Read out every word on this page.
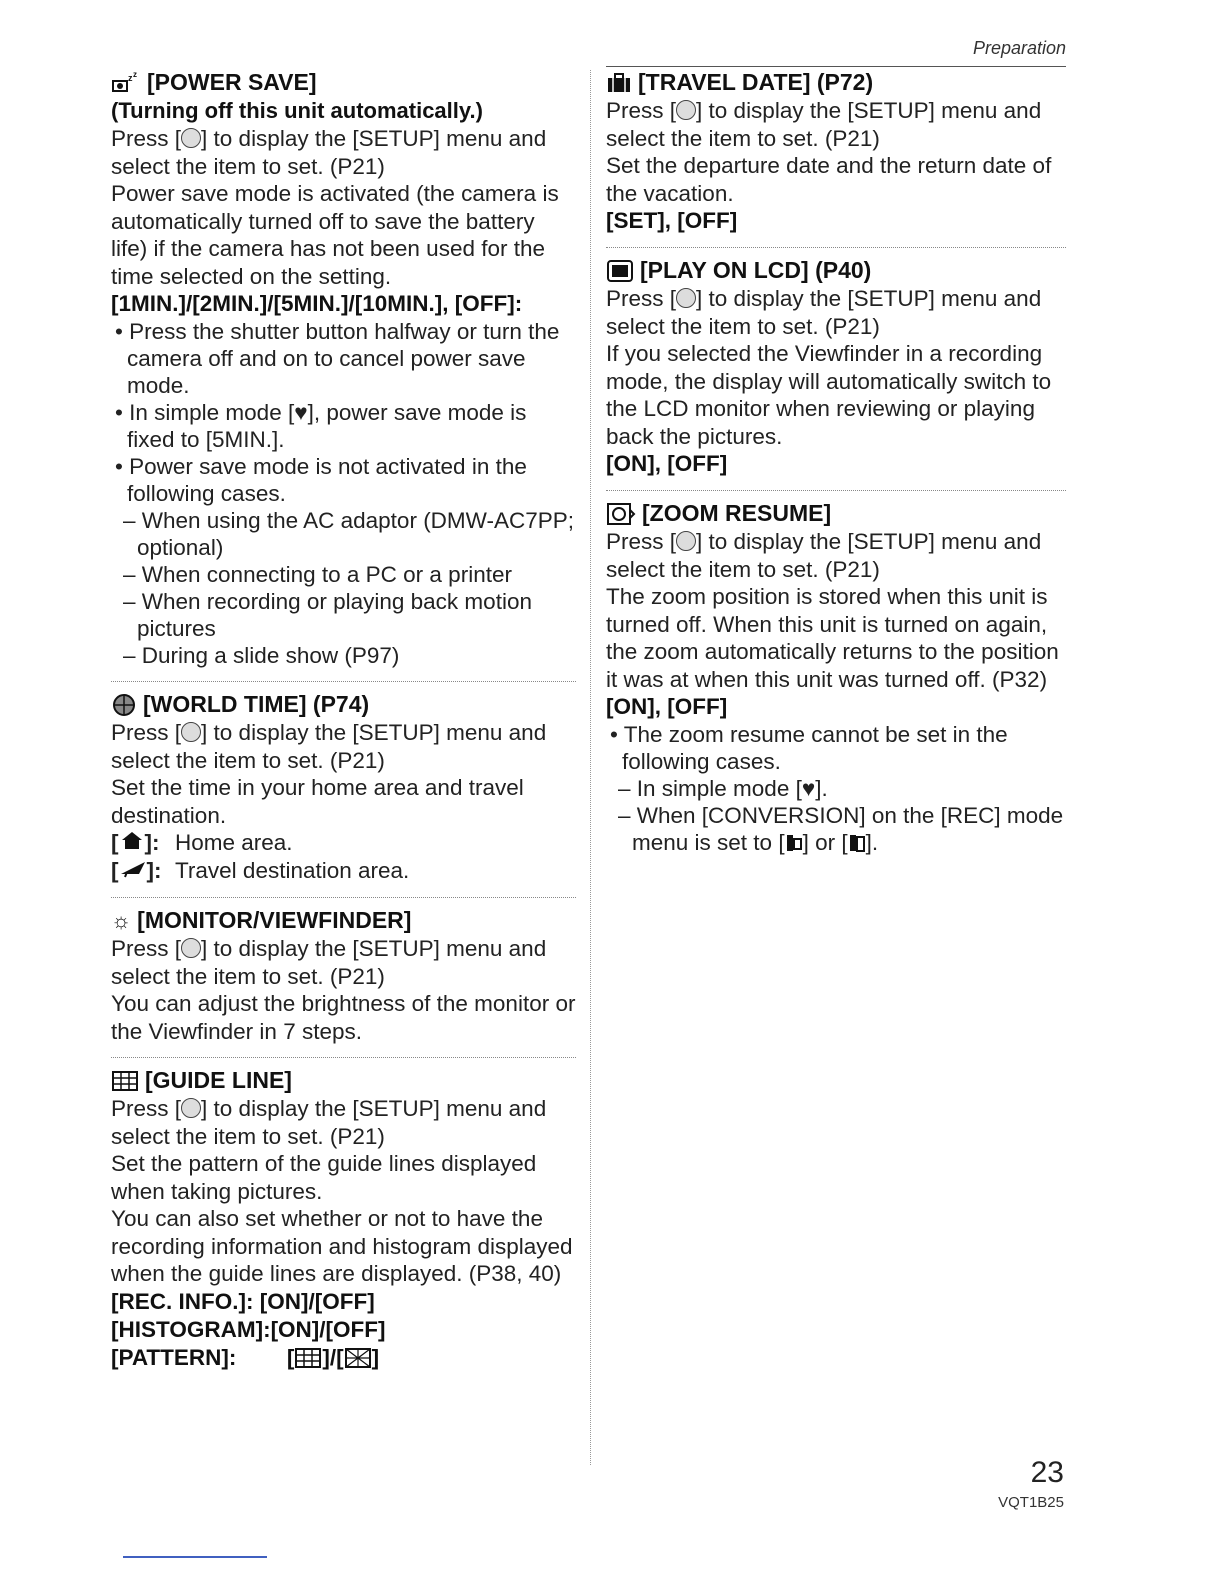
Preparation
z z [POWER SAVE]
(Turning off this unit automatically.)

Press [ ] to display the [SETUP] menu and select the item to set. (P21)

Power save mode is activated (the camera is automatically turned off to save the battery life) if the camera has not been used for the time selected on the setting.

[1MIN.]/[2MIN.]/[5MIN.]/[10MIN.], [OFF]:
• Press the shutter button halfway or turn the camera off and on to cancel power save mode.
• In simple mode [♥], power save mode is fixed to [5MIN.].
• Power save mode is not activated in the following cases.
– When using the AC adaptor (DMW-AC7PP; optional)
– When connecting to a PC or a printer
– When recording or playing back motion pictures
– During a slide show (P97)
[WORLD TIME] (P74)

Press [ ] to display the [SETUP] menu and select the item to set. (P21)

Set the time in your home area and travel destination.

[ ]: Home area.
[ ]: Travel destination area.
☼ [MONITOR/VIEWFINDER]

Press [ ] to display the [SETUP] menu and select the item to set. (P21)

You can adjust the brightness of the monitor or the Viewfinder in 7 steps.

[GUIDE LINE]

Press [ ] to display the [SETUP] menu and select the item to set. (P21)

Set the pattern of the guide lines displayed when taking pictures.

You can also set whether or not to have the recording information and histogram displayed when the guide lines are displayed. (P38, 40)

[REC. INFO.]: [ON]/[OFF]
[HISTOGRAM]:[ON]/[OFF]
[PATTERN]: [ ]/[ ]
[TRAVEL DATE] (P72)

Press [ ] to display the [SETUP] menu and select the item to set. (P21)

Set the departure date and the return date of the vacation.

[SET], [OFF]
[PLAY ON LCD] (P40)

Press [ ] to display the [SETUP] menu and select the item to set. (P21)

If you selected the Viewfinder in a recording mode, the display will automatically switch to the LCD monitor when reviewing or playing back the pictures.

[ON], [OFF]
[ZOOM RESUME]

Press [ ] to display the [SETUP] menu and select the item to set. (P21)

The zoom position is stored when this unit is turned off. When this unit is turned on again, the zoom automatically returns to the position it was at when this unit was turned off. (P32)

[ON], [OFF]
• The zoom resume cannot be set in the following cases.
– In simple mode [♥].
– When [CONVERSION] on the [REC] mode menu is set to [ ] or [ ].
23
VQT1B25
